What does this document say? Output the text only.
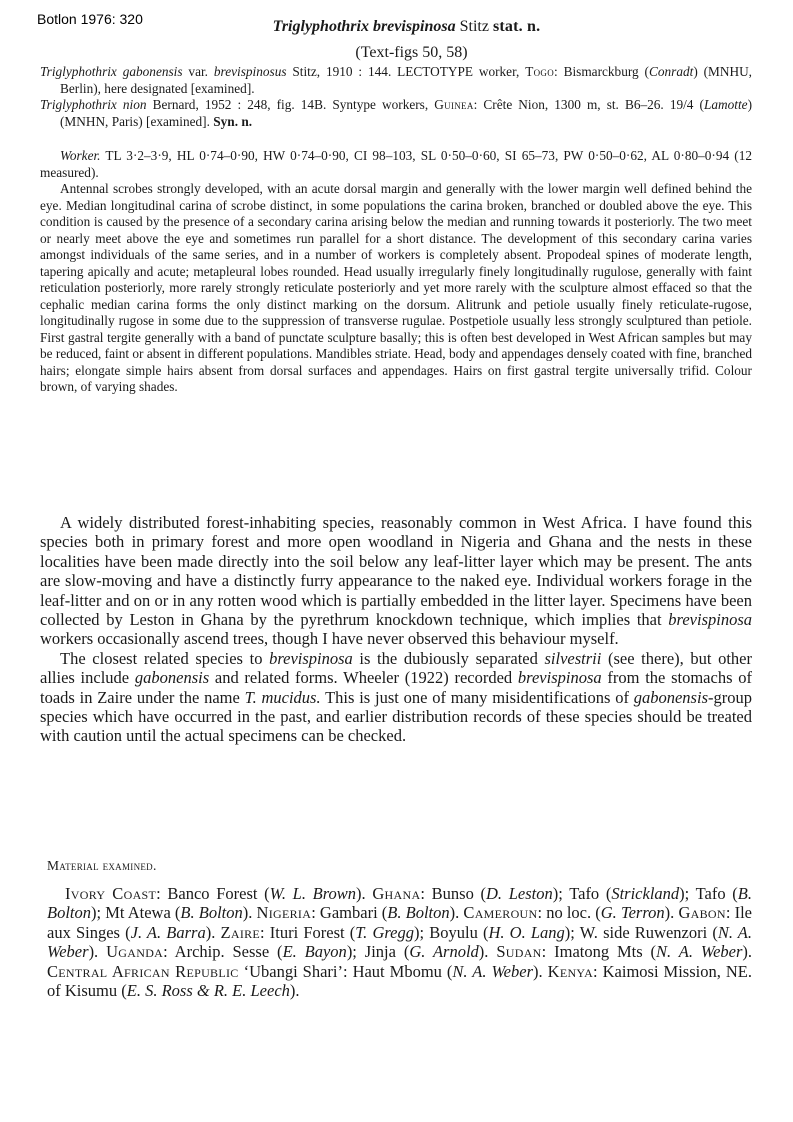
Botlon 1976: 320	Triglyphothrix brevispinosa Stitz stat. n.
(Text-figs 50, 58)

Triglyphothrix gabonensis var. brevispinosus Stitz, 1910 : 144. LECTOTYPE worker, Togo: Bismarckburg (Conradt) (MNHU, Berlin), here designated [examined].

Triglyphothrix nion Bernard, 1952 : 248, fig. 14B. Syntype workers, Guinea: Crête Nion, 1300 m, st. B6–26. 19/4 (Lamotte) (MNHN, Paris) [examined]. Syn. n.

Worker. TL 3·2–3·9, HL 0·74–0·90, HW 0·74–0·90, CI 98–103, SL 0·50–0·60, SI 65–73, PW 0·50–0·62, AL 0·80–0·94 (12 measured).

Antennal scrobes strongly developed, with an acute dorsal margin and generally with the lower margin well defined behind the eye. Median longitudinal carina of scrobe distinct, in some populations the carina broken, branched or doubled above the eye. This condition is caused by the presence of a secondary carina arising below the median and running towards it posteriorly. The two meet or nearly meet above the eye and sometimes run parallel for a short distance. The development of this secondary carina varies amongst individuals of the same series, and in a number of workers is completely absent. Propodeal spines of moderate length, tapering apically and acute; metapleural lobes rounded. Head usually irregularly finely longitudinally rugulose, generally with faint reticulation posteriorly, more rarely strongly reticulate posteriorly and yet more rarely with the sculpture almost effaced so that the cephalic median carina forms the only distinct marking on the dorsum. Alitrunk and petiole usually finely reticulate-rugose, longitudinally rugose in some due to the suppression of transverse rugulae. Postpetiole usually less strongly sculptured than petiole. First gastral tergite generally with a band of punctate sculpture basally; this is often best developed in West African samples but may be reduced, faint or absent in different populations. Mandibles striate. Head, body and appendages densely coated with fine, branched hairs; elongate simple hairs absent from dorsal surfaces and appendages. Hairs on first gastral tergite universally trifid. Colour brown, of varying shades.

A widely distributed forest-inhabiting species, reasonably common in West Africa. I have found this species both in primary forest and more open woodland in Nigeria and Ghana and the nests in these localities have been made directly into the soil below any leaf-litter layer which may be present. The ants are slow-moving and have a distinctly furry appearance to the naked eye. Individual workers forage in the leaf-litter and on or in any rotten wood which is partially embedded in the litter layer. Specimens have been collected by Leston in Ghana by the pyrethrum knockdown technique, which implies that brevispinosa workers occasionally ascend trees, though I have never observed this behaviour myself.

The closest related species to brevispinosa is the dubiously separated silvestrii (see there), but other allies include gabonensis and related forms. Wheeler (1922) recorded brevispinosa from the stomachs of toads in Zaire under the name T. mucidus. This is just one of many misidentifications of gabonensis-group species which have occurred in the past, and earlier distribution records of these species should be treated with caution until the actual specimens can be checked.

Material examined.

Ivory Coast: Banco Forest (W. L. Brown). Ghana: Bunso (D. Leston); Tafo (Strickland); Tafo (B. Bolton); Mt Atewa (B. Bolton). Nigeria: Gambari (B. Bolton). Cameroun: no loc. (G. Terron). Gabon: Ile aux Singes (J. A. Barra). Zaire: Ituri Forest (T. Gregg); Boyulu (H. O. Lang); W. side Ruwenzori (N. A. Weber). Uganda: Archip. Sesse (E. Bayon); Jinja (G. Arnold). Sudan: Imatong Mts (N. A. Weber). Central African Republic ‘Ubangi Shari’: Haut Mbomu (N. A. Weber). Kenya: Kaimosi Mission, NE. of Kisumu (E. S. Ross & R. E. Leech).
